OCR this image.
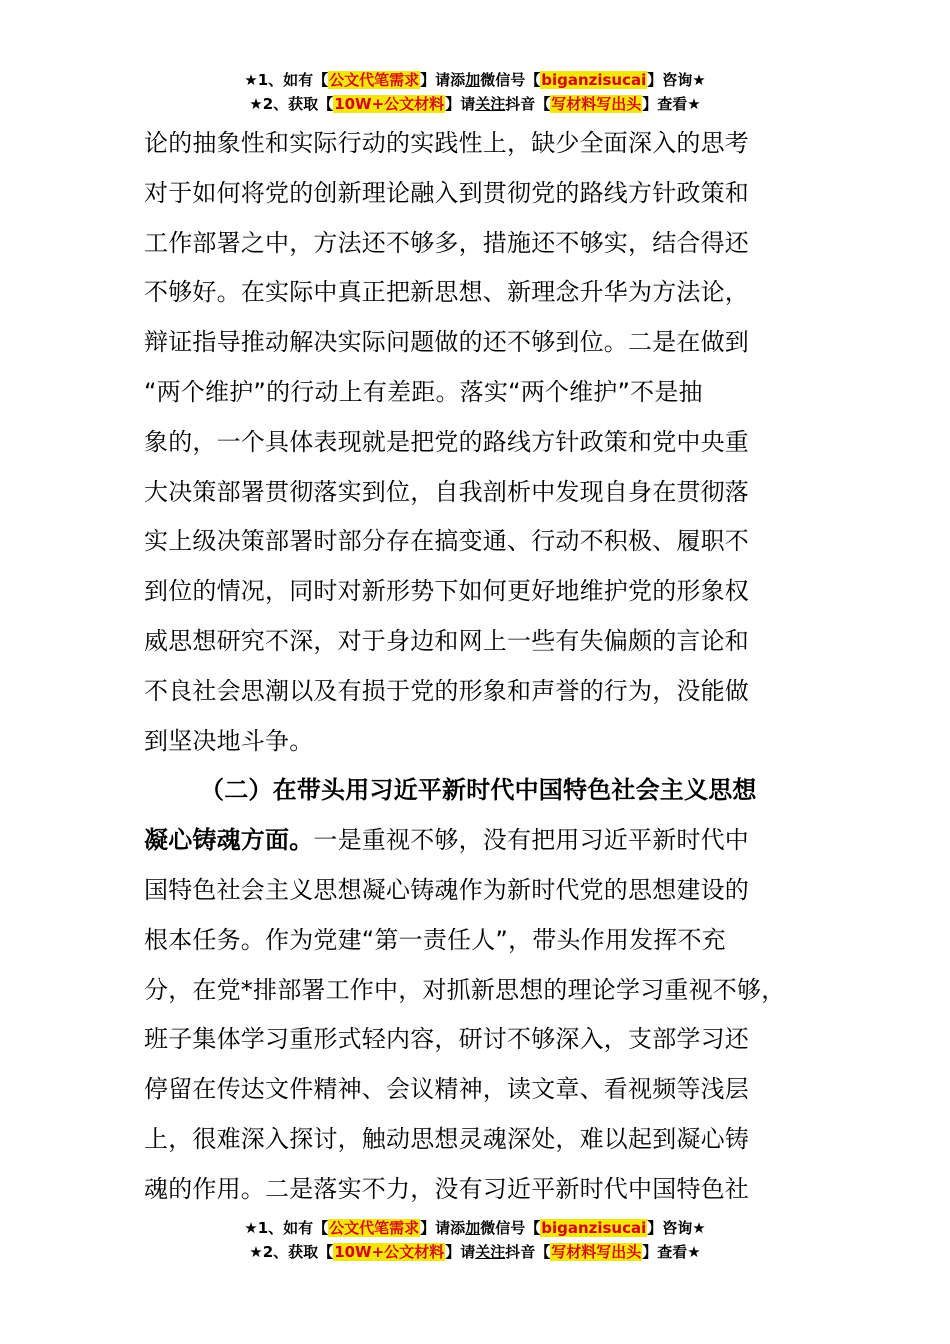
★1、如有【公文代笔需求】请添加微信号【biganzisucai】咨询★
★2、获取【10W+公文材料】请关注抖音【写材料写出头】查看★
论的抽象性和实际行动的实践性上，缺少全面深入的思考
对于如何将党的创新理论融入到贯彻党的路线方针政策和
工作部署之中，方法还不够多，措施还不够实，结合得还
不够好。在实际中真正把新思想、新理念升华为方法论，
辩证指导推动解决实际问题做的还不够到位。二是在做到
“两个维护”的行动上有差距。落实“两个维护”不是抽
象的，一个具体表现就是把党的路线方针政策和党中央重
大决策部署贯彻落实到位，自我剖析中发现自身在贯彻落
实上级决策部署时部分存在搞变通、行动不积极、履职不
到位的情况，同时对新形势下如何更好地维护党的形象权
威思想研究不深，对于身边和网上一些有失偏颇的言论和
不良社会思潮以及有损于党的形象和声誉的行为，没能做
到坚决地斗争。
（二）在带头用习近平新时代中国特色社会主义思想
凝心铸魂方面。一是重视不够，没有把用习近平新时代中
国特色社会主义思想凝心铸魂作为新时代党的思想建设的
根本任务。作为党建“第一责任人”，带头作用发挥不充
分，在党*排部署工作中，对抓新思想的理论学习重视不够，
班子集体学习重形式轻内容，研讨不够深入，支部学习还
停留在传达文件精神、会议精神，读文章、看视频等浅层
上，很难深入探讨，触动思想灵魂深处，难以起到凝心铸
魂的作用。二是落实不力，没有习近平新时代中国特色社
★1、如有【公文代笔需求】请添加微信号【biganzisucai】咨询★
★2、获取【10W+公文材料】请关注抖音【写材料写出头】查看★
